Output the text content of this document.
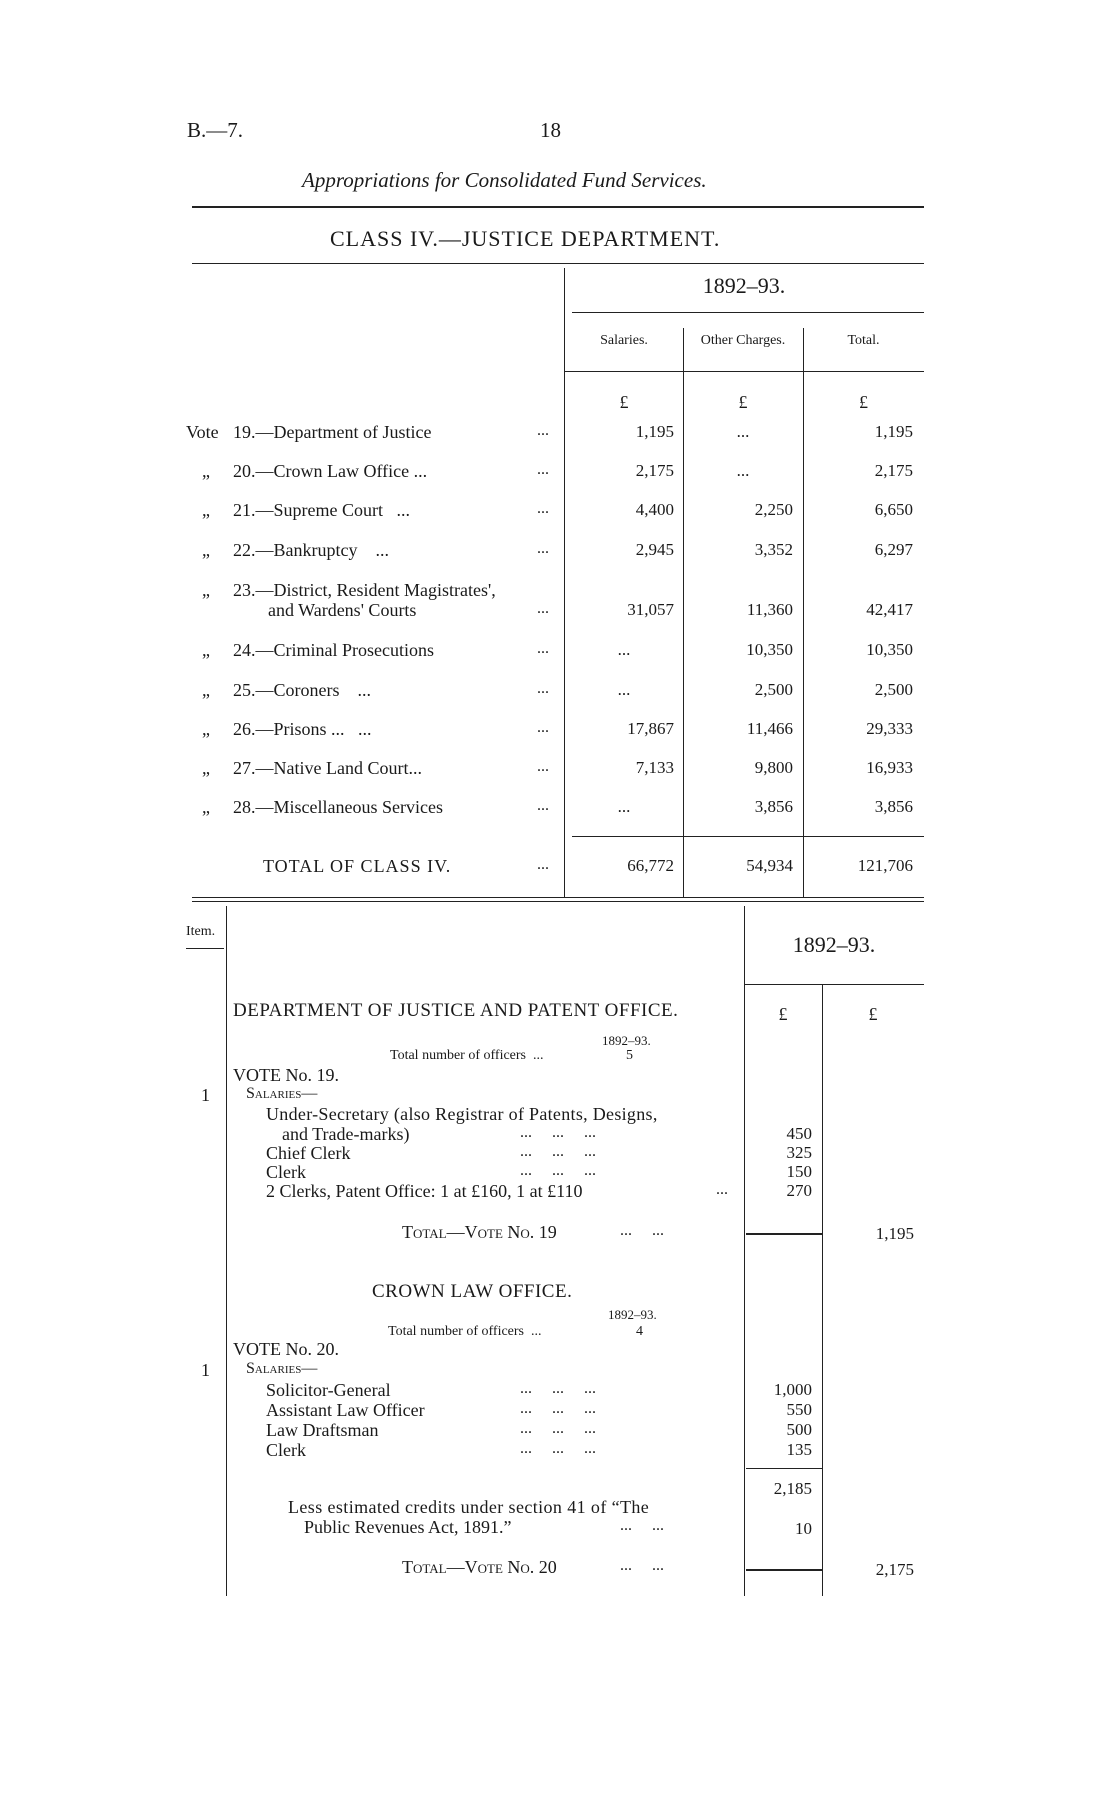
B.—7.	18
Appropriations for Consolidated Fund Services.
CLASS IV.—JUSTICE DEPARTMENT.
1892–93.
Salaries.	Other Charges.	Total.
£	£	£
Vote 19.—Department of Justice	...	1,195	...	1,195
„ 20.—Crown Law Office ...	...	2,175	...	2,175
„ 21.—Supreme Court   ...	...	4,400	2,250	6,650
„ 22.—Bankruptcy    ...	...	2,945	3,352	6,297
„ 23.—District, Resident Magistrates',
and Wardens' Courts	...	31,057	11,360	42,417
„ 24.—Criminal Prosecutions	...	...	10,350	10,350
„ 25.—Coroners    ...	...	...	2,500	2,500
„ 26.—Prisons ...   ...	...	17,867	11,466	29,333
„ 27.—Native Land Court...	...	7,133	9,800	16,933
„ 28.—Miscellaneous Services	...	...	3,856	3,856
TOTAL OF CLASS IV.	...	66,772	54,934	121,706
Item.
1892–93.
DEPARTMENT OF JUSTICE AND PATENT OFFICE.	£	£
1892–93.
Total number of officers  ...	5
VOTE No. 19.
1 Salaries—
Under-Secretary (also Registrar of Patents, Designs,
and Trade-marks)	...     ...     ...	450
Chief Clerk	...     ...     ...	325
Clerk	...     ...     ...	150
2 Clerks, Patent Office: 1 at £160, 1 at £110	...	270
Total—Vote No. 19	...     ...	1,195
CROWN LAW OFFICE.
1892–93.
Total number of officers  ...	4
VOTE No. 20.
1 Salaries—
Solicitor-General	...     ...     ...	1,000
Assistant Law Officer	...     ...     ...	550
Law Draftsman	...     ...     ...	500
Clerk	...     ...     ...	135
2,185
Less estimated credits under section 41 of “The
Public Revenues Act, 1891.”	...     ...	10
Total—Vote No. 20	...     ...	2,175
